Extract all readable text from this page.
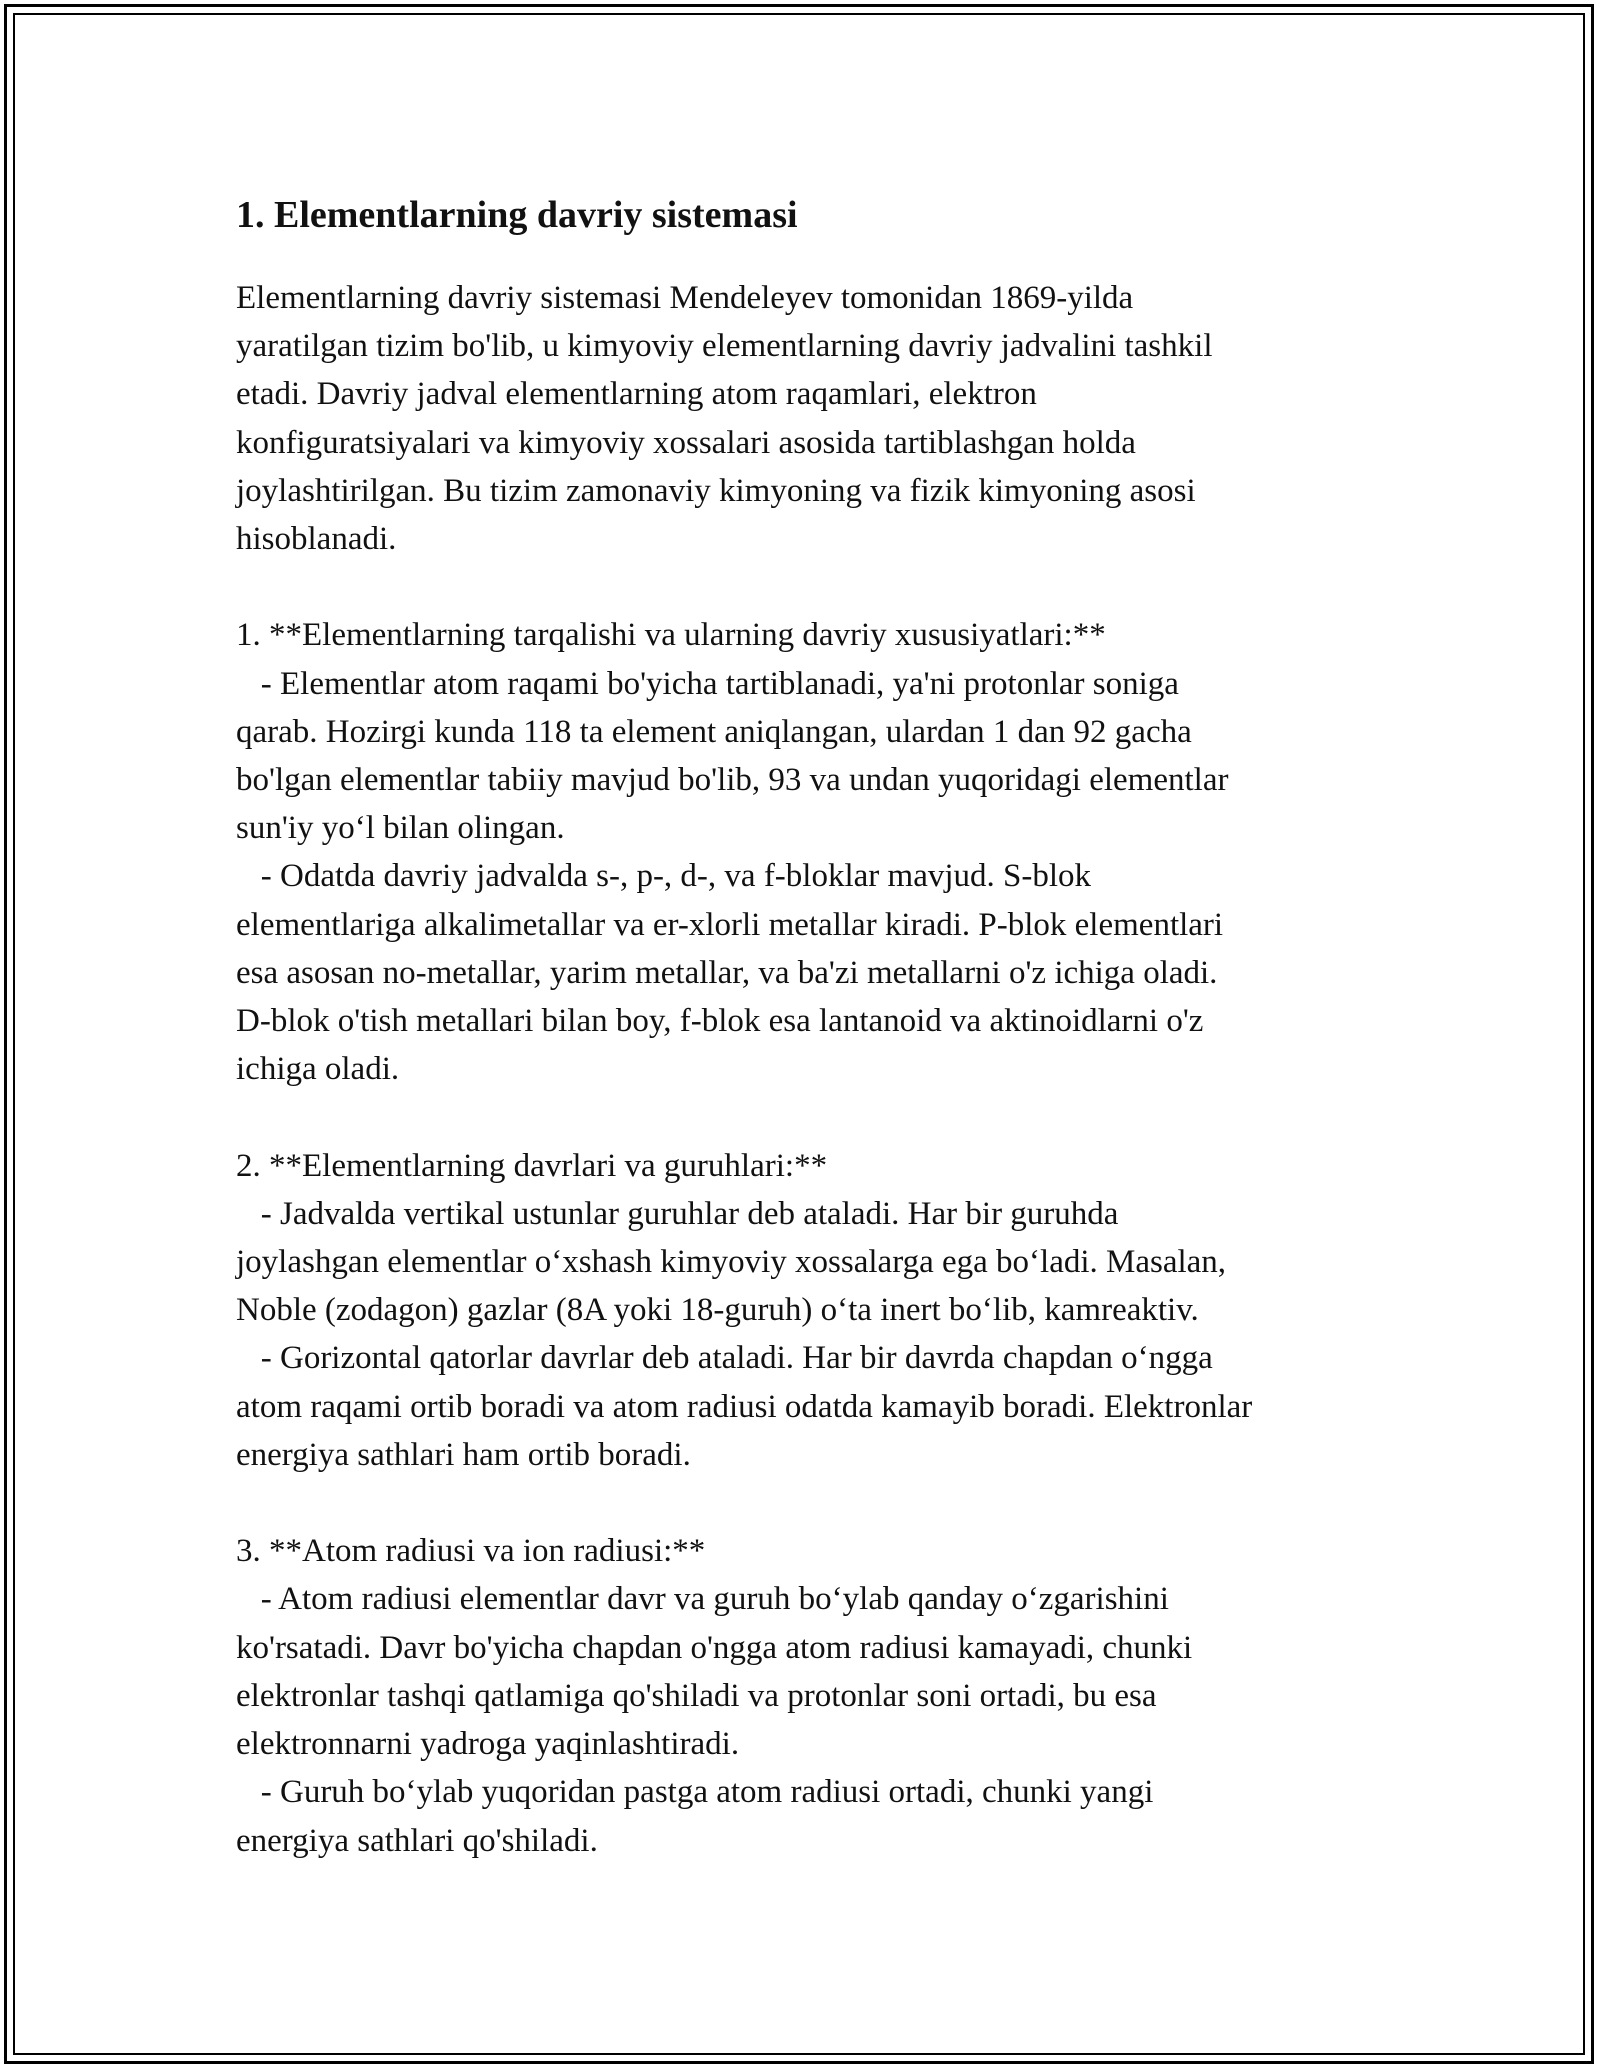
1. Elementlarning davriy sistemasi

Elementlarning davriy sistemasi Mendeleyev tomonidan 1869-yilda
yaratilgan tizim bo'lib, u kimyoviy elementlarning davriy jadvalini tashkil
etadi. Davriy jadval elementlarning atom raqamlari, elektron
konfiguratsiyalari va kimyoviy xossalari asosida tartiblashgan holda
joylashtirilgan. Bu tizim zamonaviy kimyoning va fizik kimyoning asosi
hisoblanadi.

1. **Elementlarning tarqalishi va ularning davriy xususiyatlari:**
- Elementlar atom raqami bo'yicha tartiblanadi, ya'ni protonlar soniga
qarab. Hozirgi kunda 118 ta element aniqlangan, ulardan 1 dan 92 gacha
bo'lgan elementlar tabiiy mavjud bo'lib, 93 va undan yuqoridagi elementlar
sun'iy yo‘l bilan olingan.
- Odatda davriy jadvalda s-, p-, d-, va f-bloklar mavjud. S-blok
elementlariga alkalimetallar va er-xlorli metallar kiradi. P-blok elementlari
esa asosan no-metallar, yarim metallar, va ba'zi metallarni o'z ichiga oladi.
D-blok o'tish metallari bilan boy, f-blok esa lantanoid va aktinoidlarni o'z
ichiga oladi.

2. **Elementlarning davrlari va guruhlari:**
- Jadvalda vertikal ustunlar guruhlar deb ataladi. Har bir guruhda
joylashgan elementlar o‘xshash kimyoviy xossalarga ega bo‘ladi. Masalan,
Noble (zodagon) gazlar (8A yoki 18-guruh) o‘ta inert bo‘lib, kamreaktiv.
- Gorizontal qatorlar davrlar deb ataladi. Har bir davrda chapdan o‘ngga
atom raqami ortib boradi va atom radiusi odatda kamayib boradi. Elektronlar
energiya sathlari ham ortib boradi.

3. **Atom radiusi va ion radiusi:**
- Atom radiusi elementlar davr va guruh bo‘ylab qanday o‘zgarishini
ko'rsatadi. Davr bo'yicha chapdan o'ngga atom radiusi kamayadi, chunki
elektronlar tashqi qatlamiga qo'shiladi va protonlar soni ortadi, bu esa
elektronnarni yadroga yaqinlashtiradi.
- Guruh bo‘ylab yuqoridan pastga atom radiusi ortadi, chunki yangi
energiya sathlari qo'shiladi.
